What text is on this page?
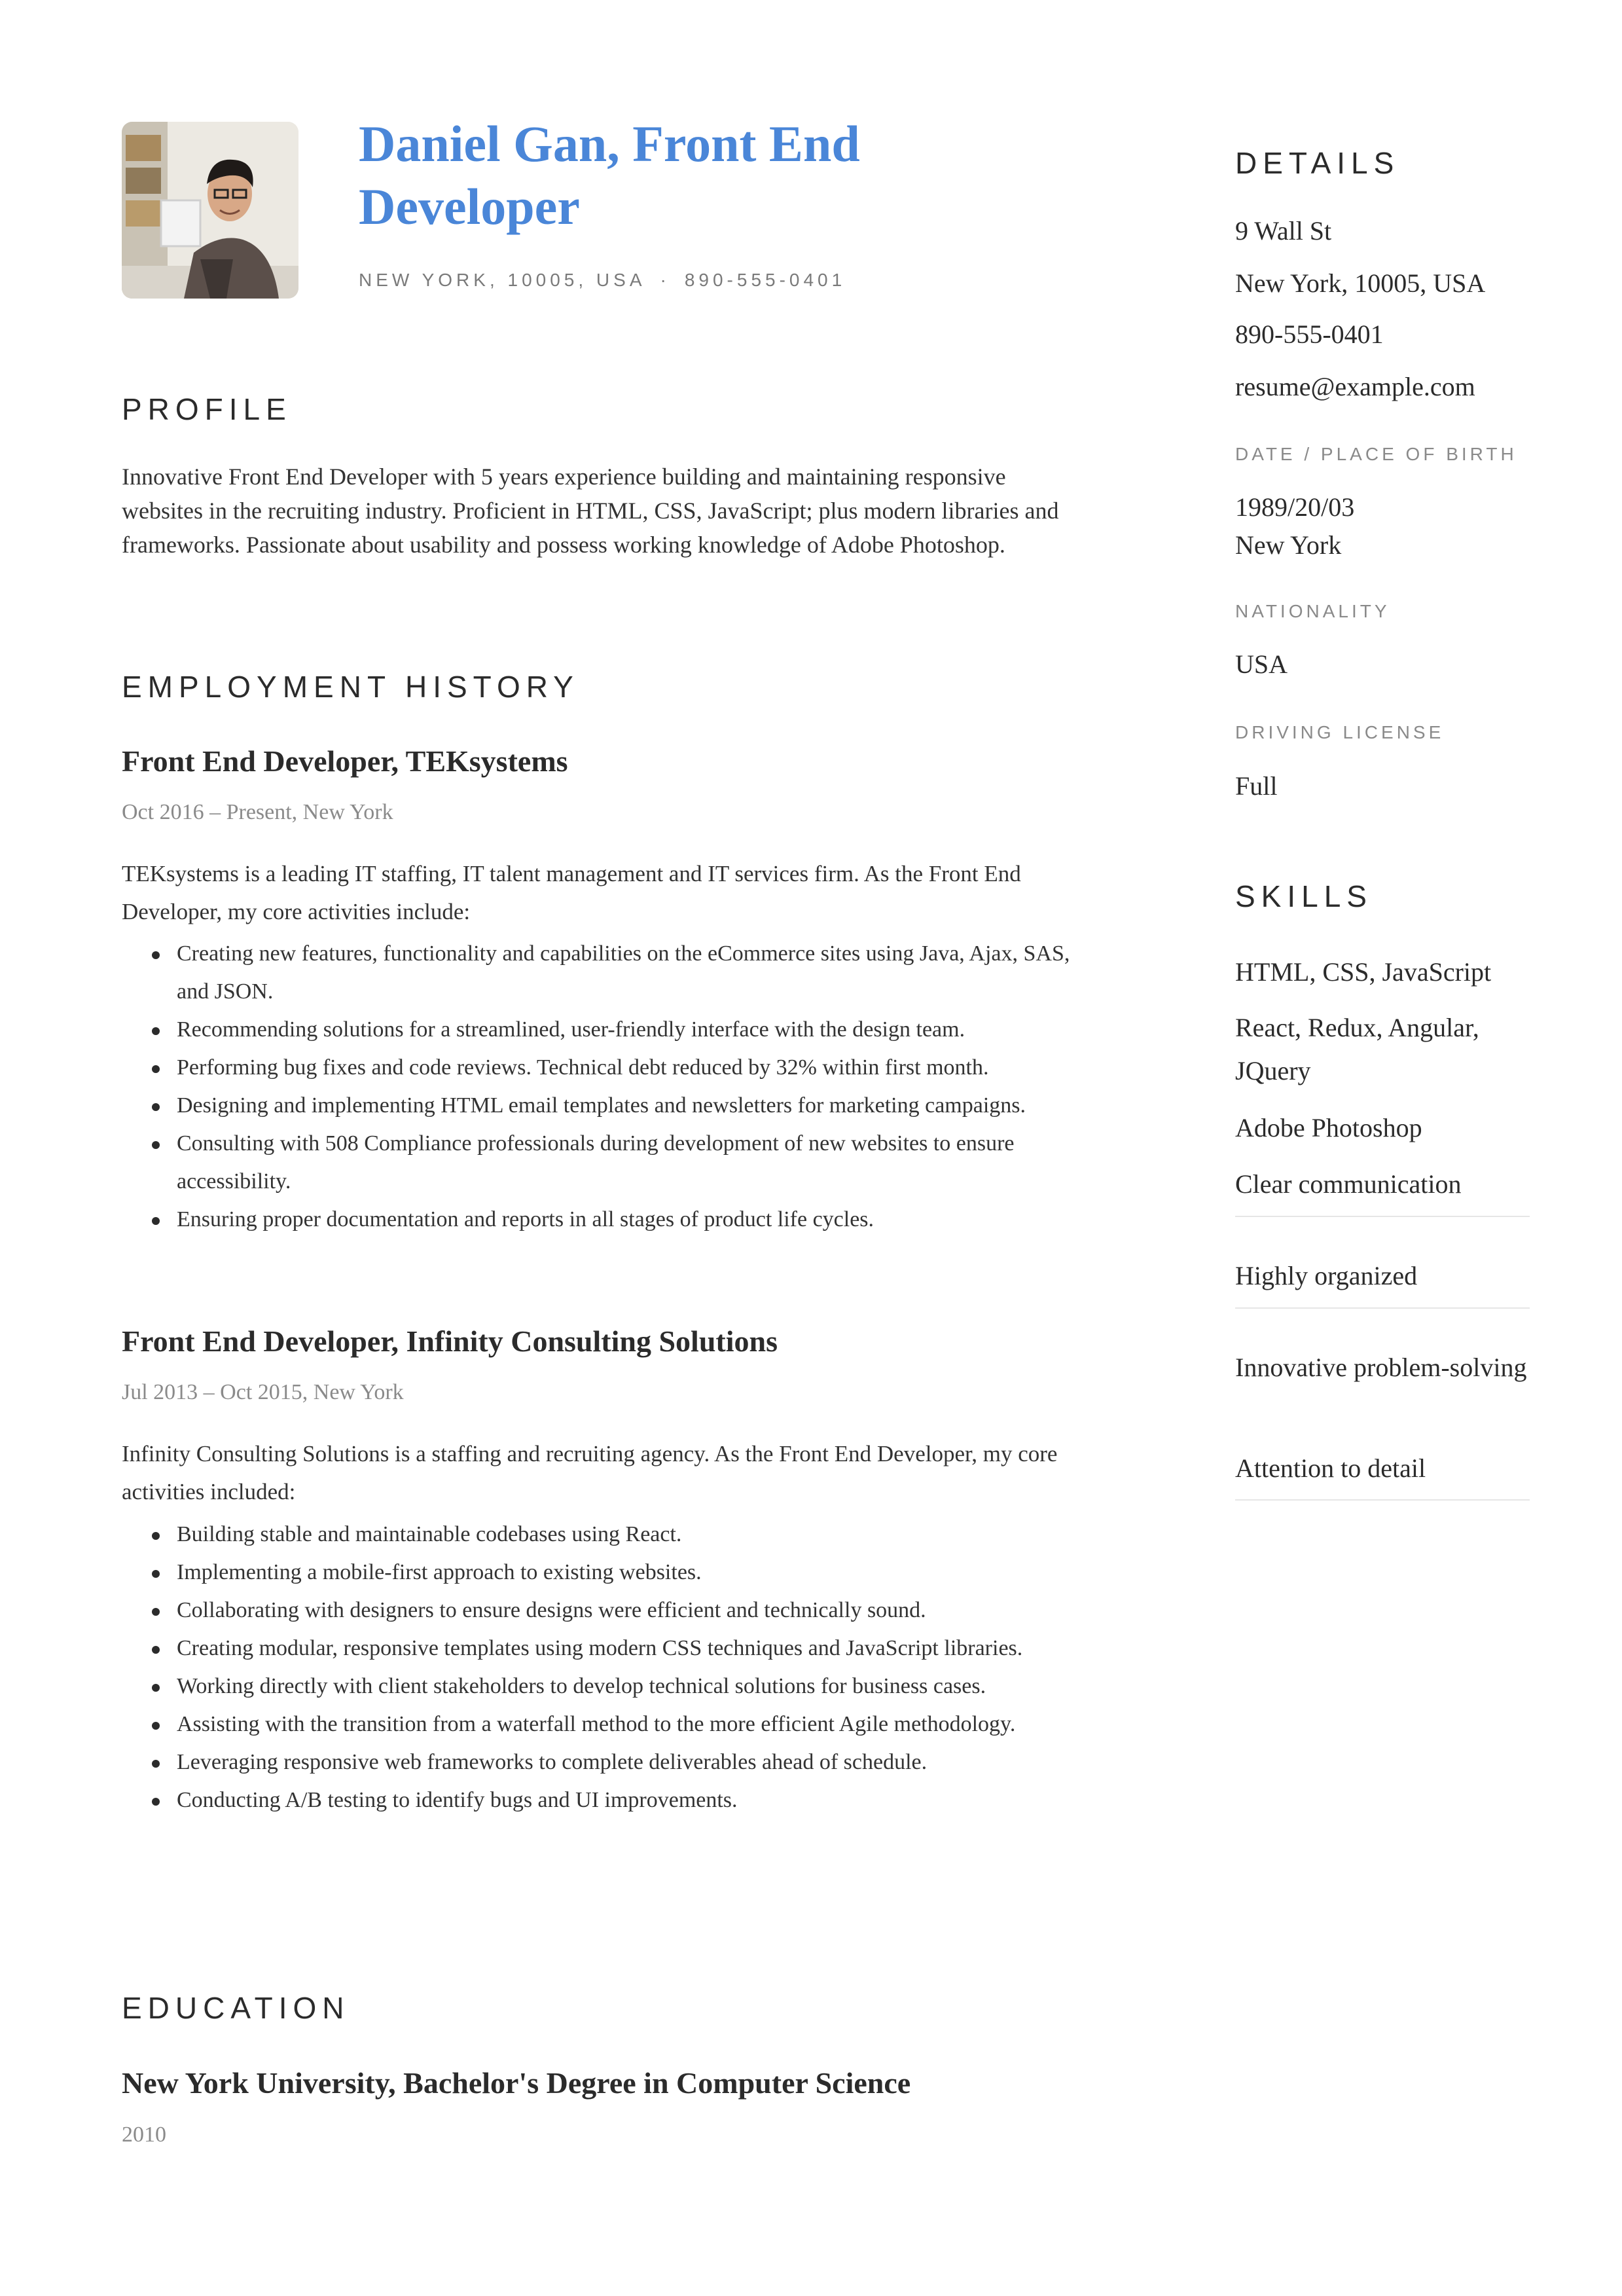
Daniel Gan, Front End Developer
NEW YORK, 10005, USA · 890-555-0401
PROFILE

Innovative Front End Developer with 5 years experience building and maintaining responsive websites in the recruiting industry. Proficient in HTML, CSS, JavaScript; plus modern libraries and frameworks. Passionate about usability and possess working knowledge of Adobe Photoshop.

EMPLOYMENT HISTORY
Front End Developer, TEKsystems
Oct 2016 – Present, New York

TEKsystems is a leading IT staffing, IT talent management and IT services firm. As the Front End Developer, my core activities include:

Creating new features, functionality and capabilities on the eCommerce sites using Java, Ajax, SAS, and JSON.
Recommending solutions for a streamlined, user-friendly interface with the design team.
Performing bug fixes and code reviews. Technical debt reduced by 32% within first month.
Designing and implementing HTML email templates and newsletters for marketing campaigns.
Consulting with 508 Compliance professionals during development of new websites to ensure accessibility.
Ensuring proper documentation and reports in all stages of product life cycles.
Front End Developer, Infinity Consulting Solutions
Jul 2013 – Oct 2015, New York

Infinity Consulting Solutions is a staffing and recruiting agency. As the Front End Developer, my core activities included:

Building stable and maintainable codebases using React.
Implementing a mobile-first approach to existing websites.
Collaborating with designers to ensure designs were efficient and technically sound.
Creating modular, responsive templates using modern CSS techniques and JavaScript libraries.
Working directly with client stakeholders to develop technical solutions for business cases.
Assisting with the transition from a waterfall method to the more efficient Agile methodology.
Leveraging responsive web frameworks to complete deliverables ahead of schedule.
Conducting A/B testing to identify bugs and UI improvements.
EDUCATION
New York University, Bachelor's Degree in Computer Science
2010
DETAILS
9 Wall St
New York, 10005, USA
890-555-0401
resume@example.com
DATE / PLACE OF BIRTH
1989/20/03
New York
NATIONALITY
USA
DRIVING LICENSE
Full
SKILLS
HTML, CSS, JavaScript
React, Redux, Angular, JQuery
Adobe Photoshop
Clear communication
Highly organized
Innovative problem-solving
Attention to detail
